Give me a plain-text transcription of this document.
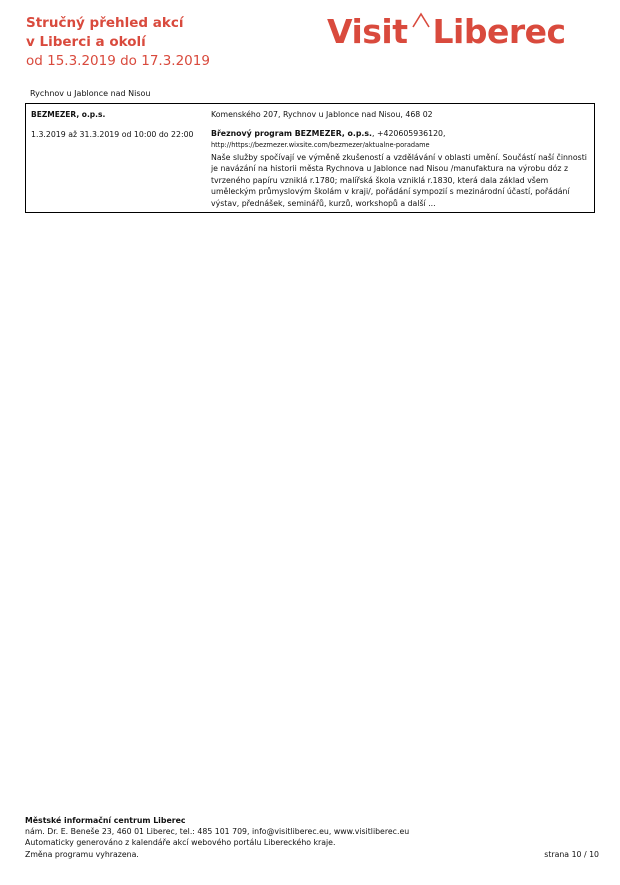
Stručný přehled akcí
v Liberci a okolí
od 15.3.2019 do 17.3.2019
Visit Liberec
Rychnov u Jablonce nad Nisou
BEZMEZER, o.p.s.
1.3.2019 až 31.3.2019 od 10:00 do 22:00
Komenského 207, Rychnov u Jablonce nad Nisou, 468 02
Březnový program BEZMEZER, o.p.s., +420605936120,
http://https://bezmezer.wixsite.com/bezmezer/aktualne-poradame
Naše služby spočívají ve výměně zkušeností a vzdělávání v oblasti umění. Součástí naší činnosti je navázání na historii města Rychnova u Jablonce nad Nisou /manufaktura na výrobu dóz z tvrzeného papíru vzniklá r.1780; malířská škola vzniklá r.1830, která dala základ všem uměleckým průmyslovým školám v kraji/, pořádání sympozií s mezinárodní účastí, pořádání výstav, přednášek, seminářů, kurzů, workshopů a další ...
Městské informační centrum Liberec
nám. Dr. E. Beneše 23, 460 01 Liberec, tel.: 485 101 709, info@visitliberec.eu, www.visitliberec.eu
Automaticky generováno z kalendáře akcí webového portálu Libereckého kraje.
Změna programu vyhrazena.	strana 10 / 10
